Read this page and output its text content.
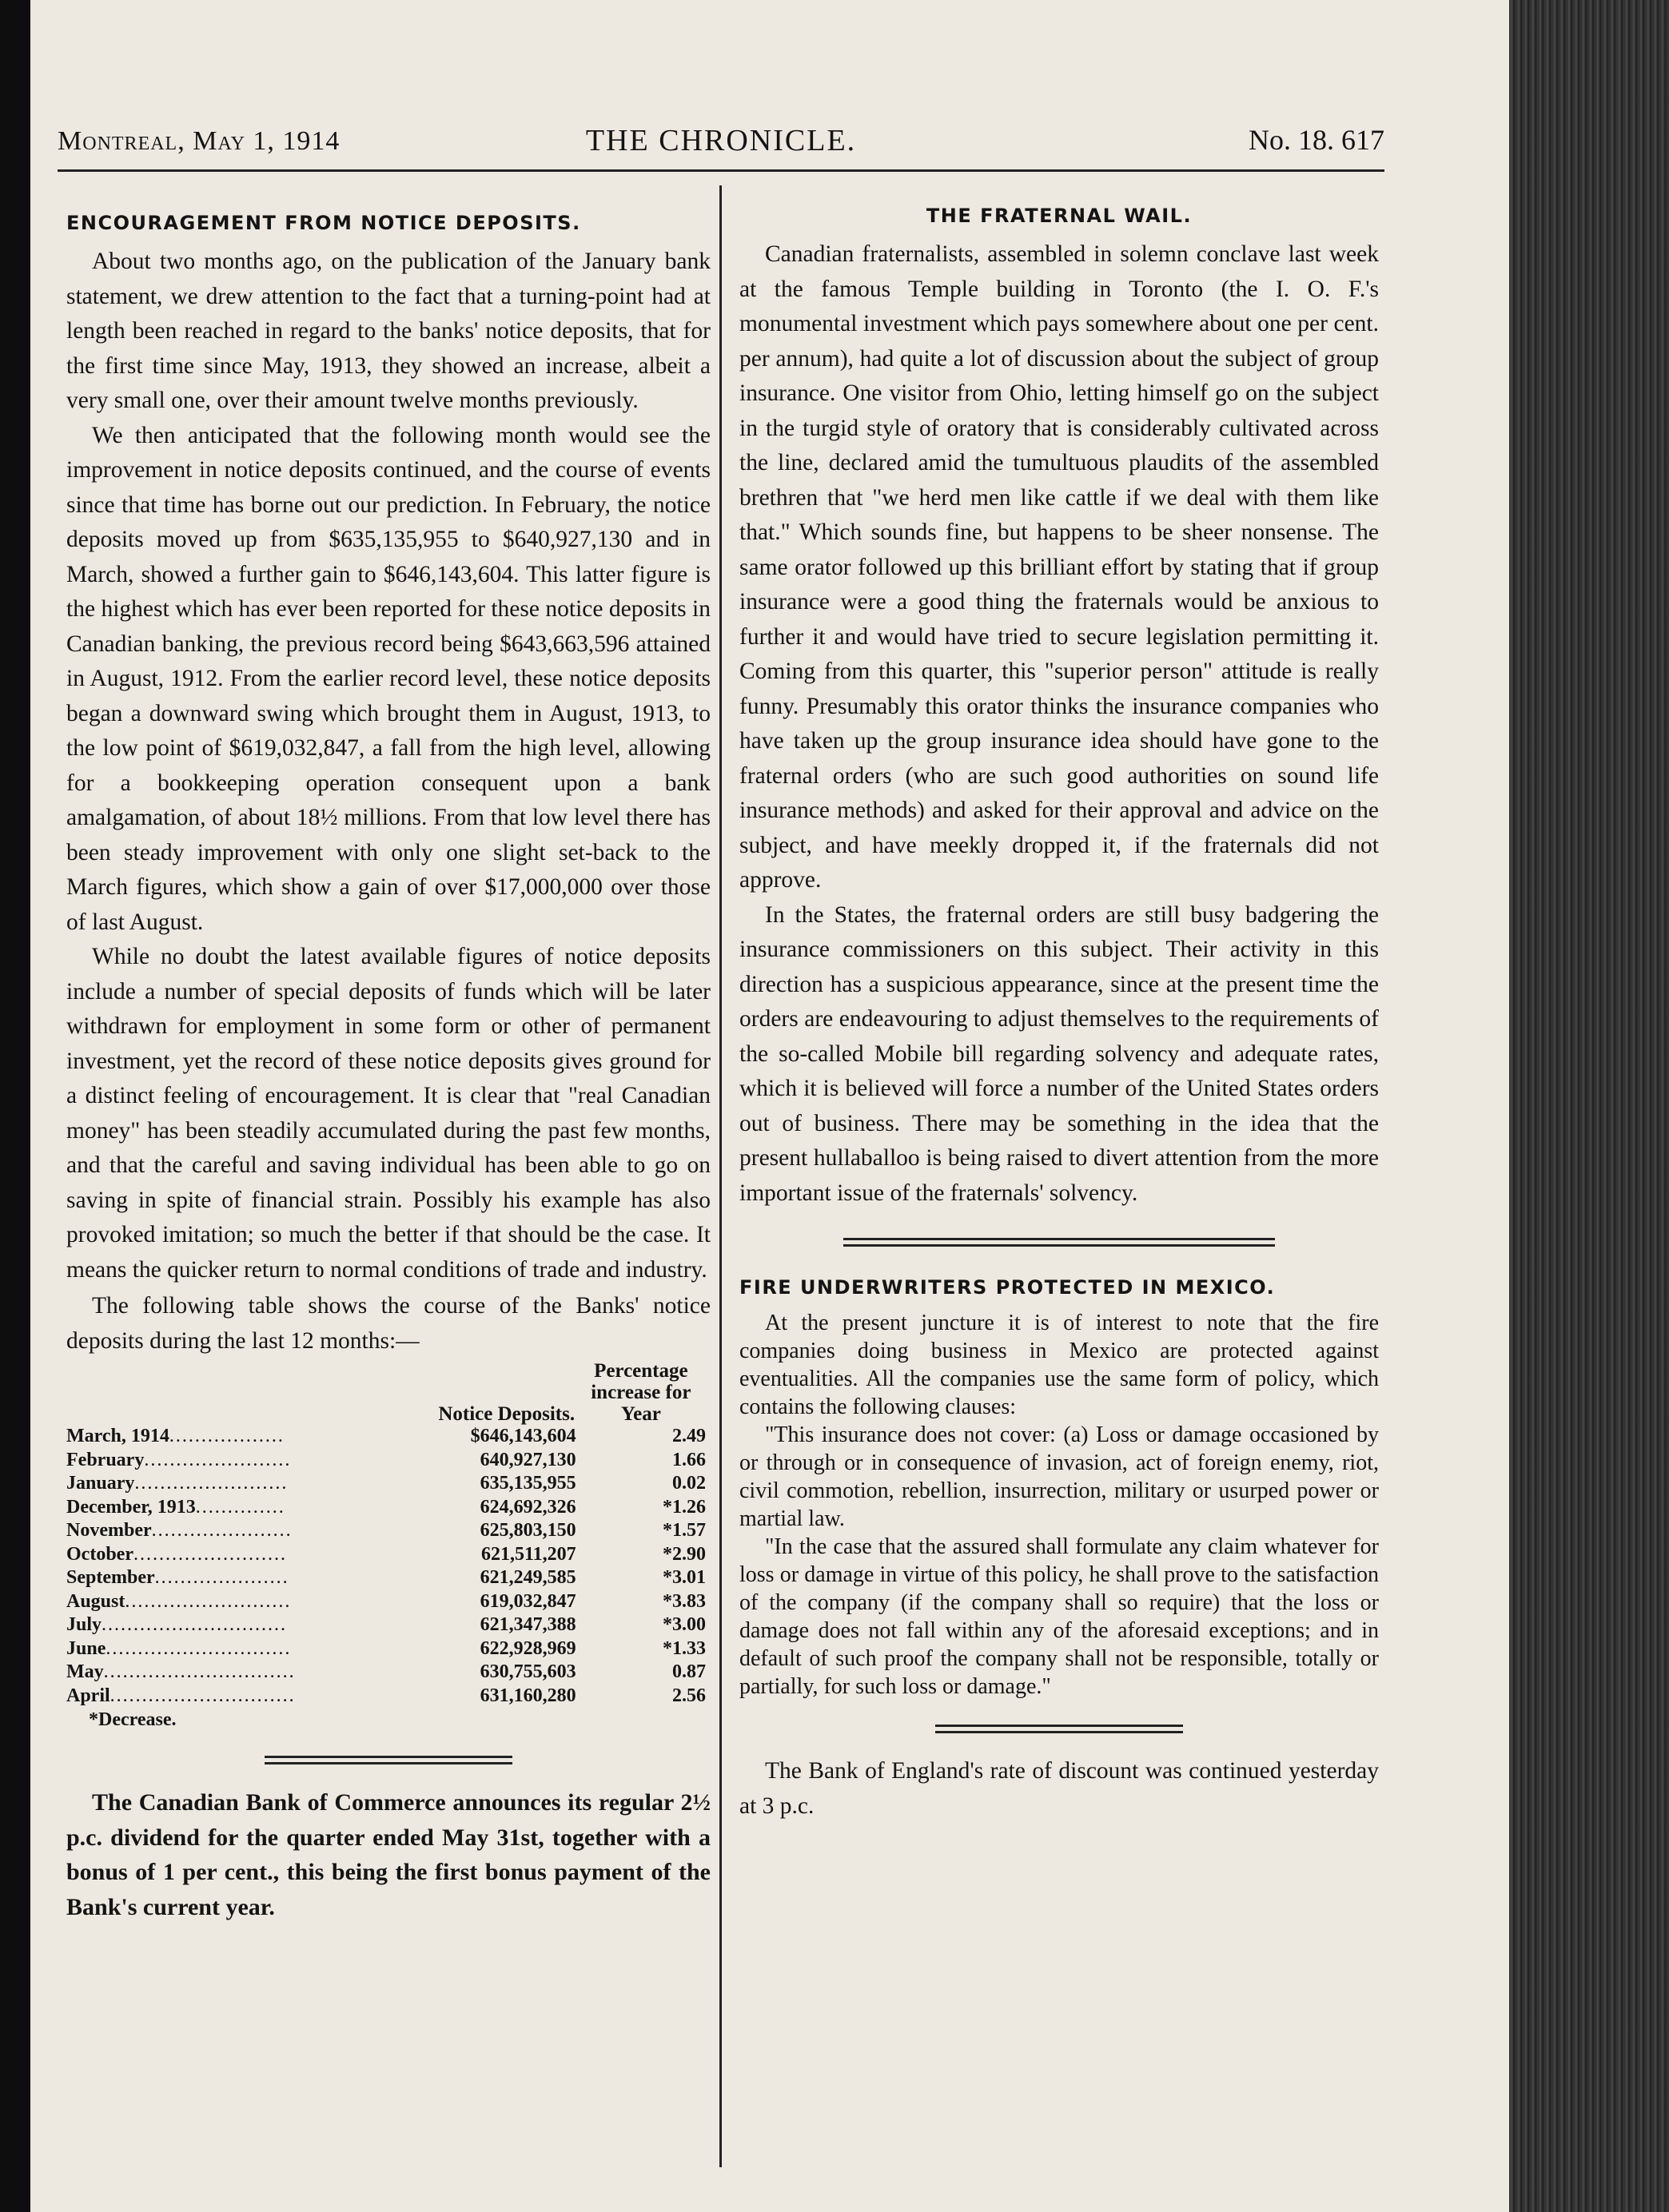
Montreal, May 1, 1914	THE CHRONICLE.	No. 18. 617
ENCOURAGEMENT FROM NOTICE DEPOSITS.

About two months ago, on the publication of the January bank statement, we drew attention to the fact that a turning-point had at length been reached in regard to the banks' notice deposits, that for the first time since May, 1913, they showed an increase, albeit a very small one, over their amount twelve months previously.

We then anticipated that the following month would see the improvement in notice deposits continued, and the course of events since that time has borne out our prediction. In February, the notice deposits moved up from $635,135,955 to $640,927,130 and in March, showed a further gain to $646,143,604. This latter figure is the highest which has ever been reported for these notice deposits in Canadian banking, the previous record being $643,663,596 attained in August, 1912. From the earlier record level, these notice deposits began a downward swing which brought them in August, 1913, to the low point of $619,032,847, a fall from the high level, allowing for a bookkeeping operation consequent upon a bank amalgamation, of about 18½ millions. From that low level there has been steady improvement with only one slight set-back to the March figures, which show a gain of over $17,000,000 over those of last August.

While no doubt the latest available figures of notice deposits include a number of special deposits of funds which will be later withdrawn for employment in some form or other of permanent investment, yet the record of these notice deposits gives ground for a distinct feeling of encouragement. It is clear that "real Canadian money" has been steadily accumulated during the past few months, and that the careful and saving individual has been able to go on saving in spite of financial strain. Possibly his example has also provoked imitation; so much the better if that should be the case. It means the quicker return to normal conditions of trade and industry.

The following table shows the course of the Banks' notice deposits during the last 12 months:—

	Notice Deposits.	Percentage increase for Year
March, 1914..................	$646,143,604	2.49
February.......................	640,927,130	1.66
January........................	635,135,955	0.02
December, 1913..............	624,692,326	*1.26
November......................	625,803,150	*1.57
October........................	621,511,207	*2.90
September.....................	621,249,585	*3.01
August..........................	619,032,847	*3.83
July.............................	621,347,388	*3.00
June.............................	622,928,969	*1.33
May..............................	630,755,603	0.87
April.............................	631,160,280	2.56
*Decrease.

The Canadian Bank of Commerce announces its regular 2½ p.c. dividend for the quarter ended May 31st, together with a bonus of 1 per cent., this being the first bonus payment of the Bank's current year.

THE FRATERNAL WAIL.

Canadian fraternalists, assembled in solemn conclave last week at the famous Temple building in Toronto (the I. O. F.'s monumental investment which pays somewhere about one per cent. per annum), had quite a lot of discussion about the subject of group insurance. One visitor from Ohio, letting himself go on the subject in the turgid style of oratory that is considerably cultivated across the line, declared amid the tumultuous plaudits of the assembled brethren that "we herd men like cattle if we deal with them like that." Which sounds fine, but happens to be sheer nonsense. The same orator followed up this brilliant effort by stating that if group insurance were a good thing the fraternals would be anxious to further it and would have tried to secure legislation permitting it. Coming from this quarter, this "superior person" attitude is really funny. Presumably this orator thinks the insurance companies who have taken up the group insurance idea should have gone to the fraternal orders (who are such good authorities on sound life insurance methods) and asked for their approval and advice on the subject, and have meekly dropped it, if the fraternals did not approve.

In the States, the fraternal orders are still busy badgering the insurance commissioners on this subject. Their activity in this direction has a suspicious appearance, since at the present time the orders are endeavouring to adjust themselves to the requirements of the so-called Mobile bill regarding solvency and adequate rates, which it is believed will force a number of the United States orders out of business. There may be something in the idea that the present hullaballoo is being raised to divert attention from the more important issue of the fraternals' solvency.

FIRE UNDERWRITERS PROTECTED IN MEXICO.

At the present juncture it is of interest to note that the fire companies doing business in Mexico are protected against eventualities. All the companies use the same form of policy, which contains the following clauses:

"This insurance does not cover: (a) Loss or damage occasioned by or through or in consequence of invasion, act of foreign enemy, riot, civil commotion, rebellion, insurrection, military or usurped power or martial law.

"In the case that the assured shall formulate any claim whatever for loss or damage in virtue of this policy, he shall prove to the satisfaction of the company (if the company shall so require) that the loss or damage does not fall within any of the aforesaid exceptions; and in default of such proof the company shall not be responsible, totally or partially, for such loss or damage."

The Bank of England's rate of discount was continued yesterday at 3 p.c.
